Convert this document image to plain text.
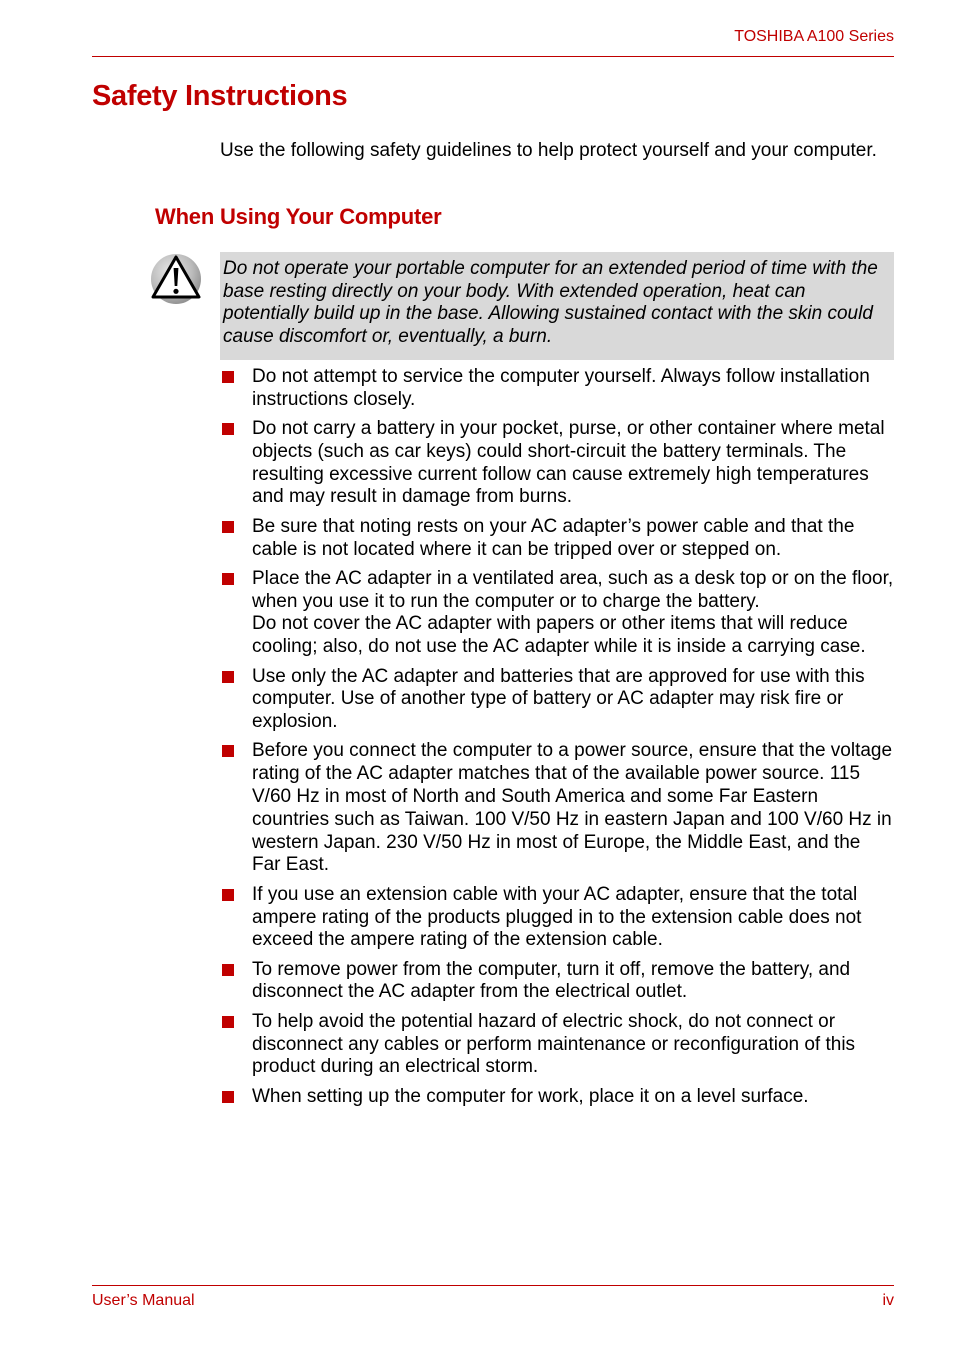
TOSHIBA A100 Series
Safety Instructions

Use the following safety guidelines to help protect yourself and your computer.

When Using Your Computer

Do not operate your portable computer for an extended period of time with the base resting directly on your body. With extended operation, heat can potentially build up in the base. Allowing sustained contact with the skin could cause discomfort or, eventually, a burn.

Do not attempt to service the computer yourself. Always follow installation instructions closely.
Do not carry a battery in your pocket, purse, or other container where metal objects (such as car keys) could short-circuit the battery terminals. The resulting excessive current follow can cause extremely high temperatures and may result in damage from burns.
Be sure that noting rests on your AC adapter’s power cable and that the cable is not located where it can be tripped over or stepped on.
Place the AC adapter in a ventilated area, such as a desk top or on the floor, when you use it to run the computer or to charge the battery.
Do not cover the AC adapter with papers or other items that will reduce cooling; also, do not use the AC adapter while it is inside a carrying case.
Use only the AC adapter and batteries that are approved for use with this computer. Use of another type of battery or AC adapter may risk fire or explosion.
Before you connect the computer to a power source, ensure that the voltage rating of the AC adapter matches that of the available power source. 115 V/60 Hz in most of North and South America and some Far Eastern countries such as Taiwan. 100 V/50 Hz in eastern Japan and 100 V/60 Hz in western Japan. 230 V/50 Hz in most of Europe, the Middle East, and the Far East.
If you use an extension cable with your AC adapter, ensure that the total ampere rating of the products plugged in to the extension cable does not exceed the ampere rating of the extension cable.
To remove power from the computer, turn it off, remove the battery, and disconnect the AC adapter from the electrical outlet.
To help avoid the potential hazard of electric shock, do not connect or disconnect any cables or perform maintenance or reconfiguration of this product during an electrical storm.
When setting up the computer for work, place it on a level surface.
User’s Manual	iv
